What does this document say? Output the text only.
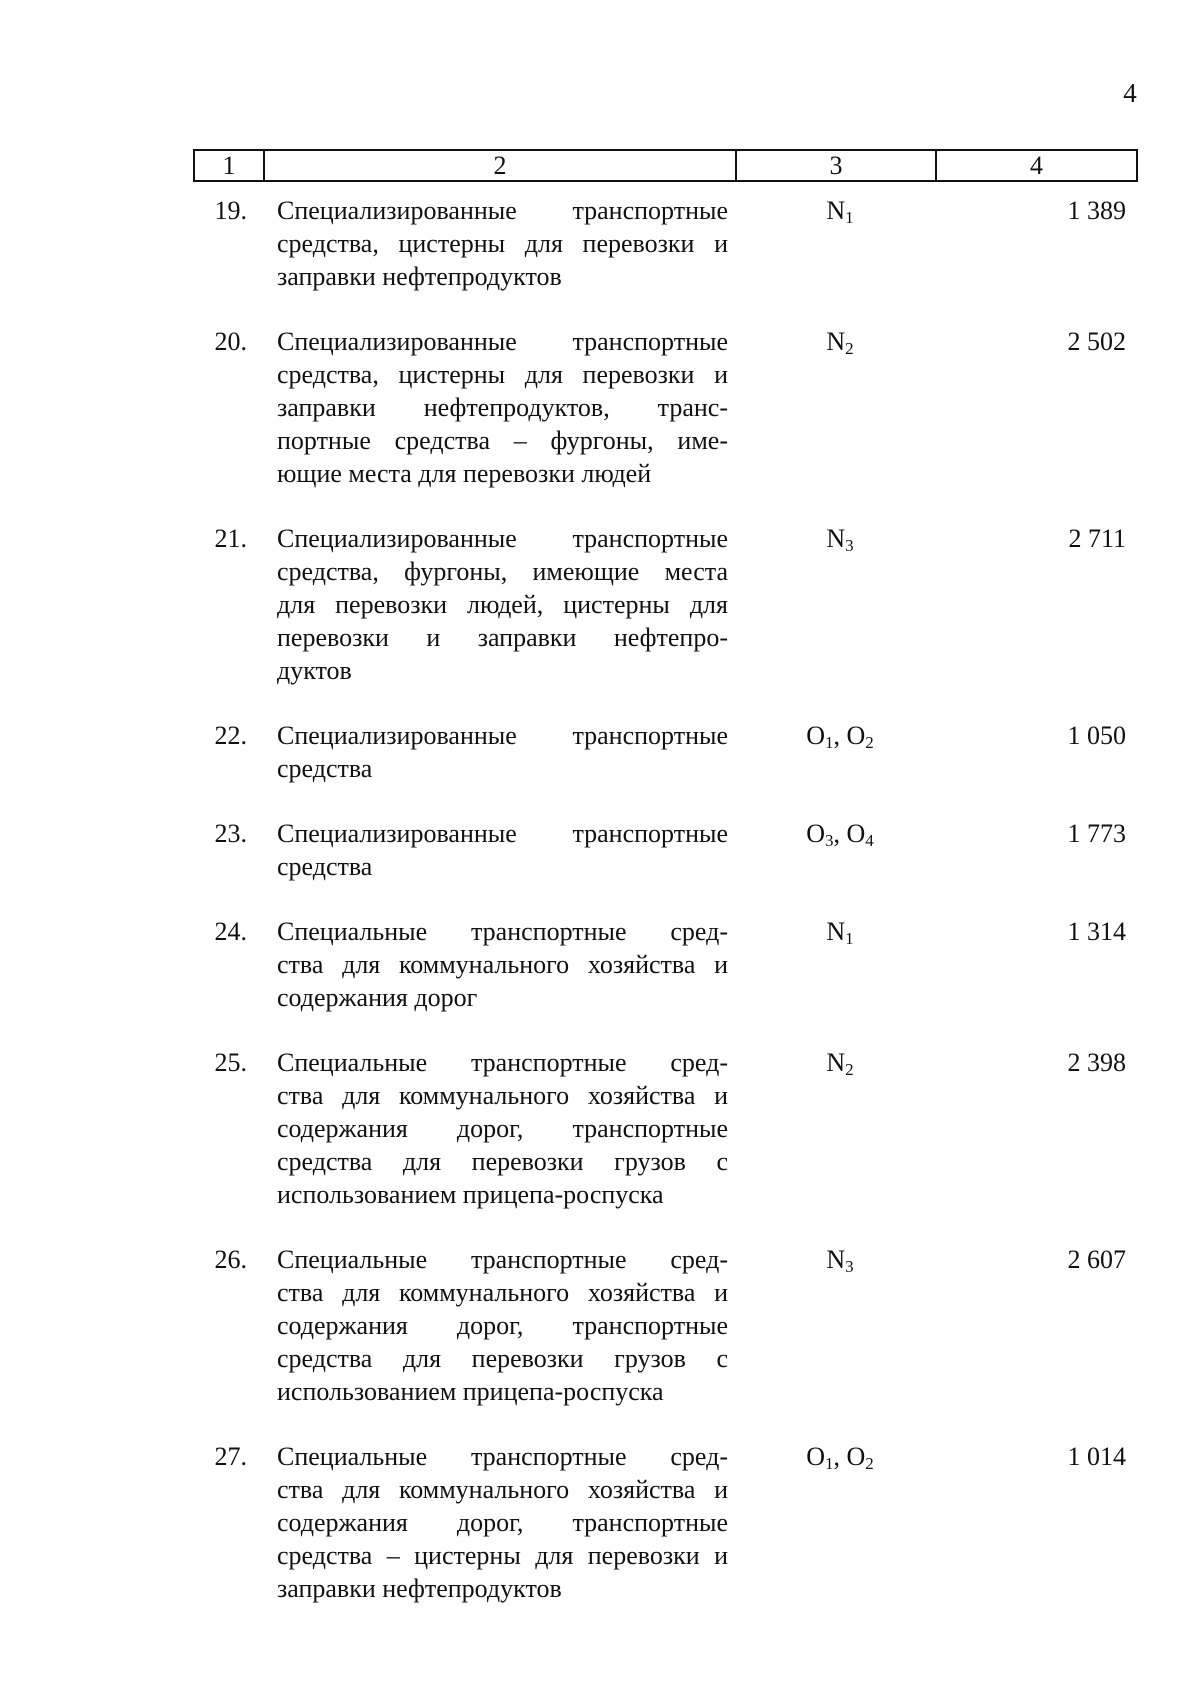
4
1	2	3	4
19. Специализированные транспортные
средства, цистерны для перевозки и
заправки нефтепродуктов
$N_1$	1 389
20. Специализированные транспортные
средства, цистерны для перевозки и
заправки нефтепродуктов, транс-
портные средства – фургоны, име-
ющие места для перевозки людей
$N_2$	2 502
21. Специализированные транспортные
средства, фургоны, имеющие места
для перевозки людей, цистерны для
перевозки и заправки нефтепро-
дуктов
$N_3$	2 711
22. Специализированные транспортные
средства
$O_1$, $O_2$	1 050
23. Специализированные транспортные
средства
$O_3$, $O_4$	1 773
24. Специальные транспортные сред-
ства для коммунального хозяйства и
содержания дорог
$N_1$	1 314
25. Специальные транспортные сред-
ства для коммунального хозяйства и
содержания дорог, транспортные
средства для перевозки грузов с
использованием прицепа-роспуска
$N_2$	2 398
26. Специальные транспортные сред-
ства для коммунального хозяйства и
содержания дорог, транспортные
средства для перевозки грузов с
использованием прицепа-роспуска
$N_3$	2 607
27. Специальные транспортные сред-
ства для коммунального хозяйства и
содержания дорог, транспортные
средства – цистерны для перевозки и
заправки нефтепродуктов
$O_1$, $O_2$	1 014
